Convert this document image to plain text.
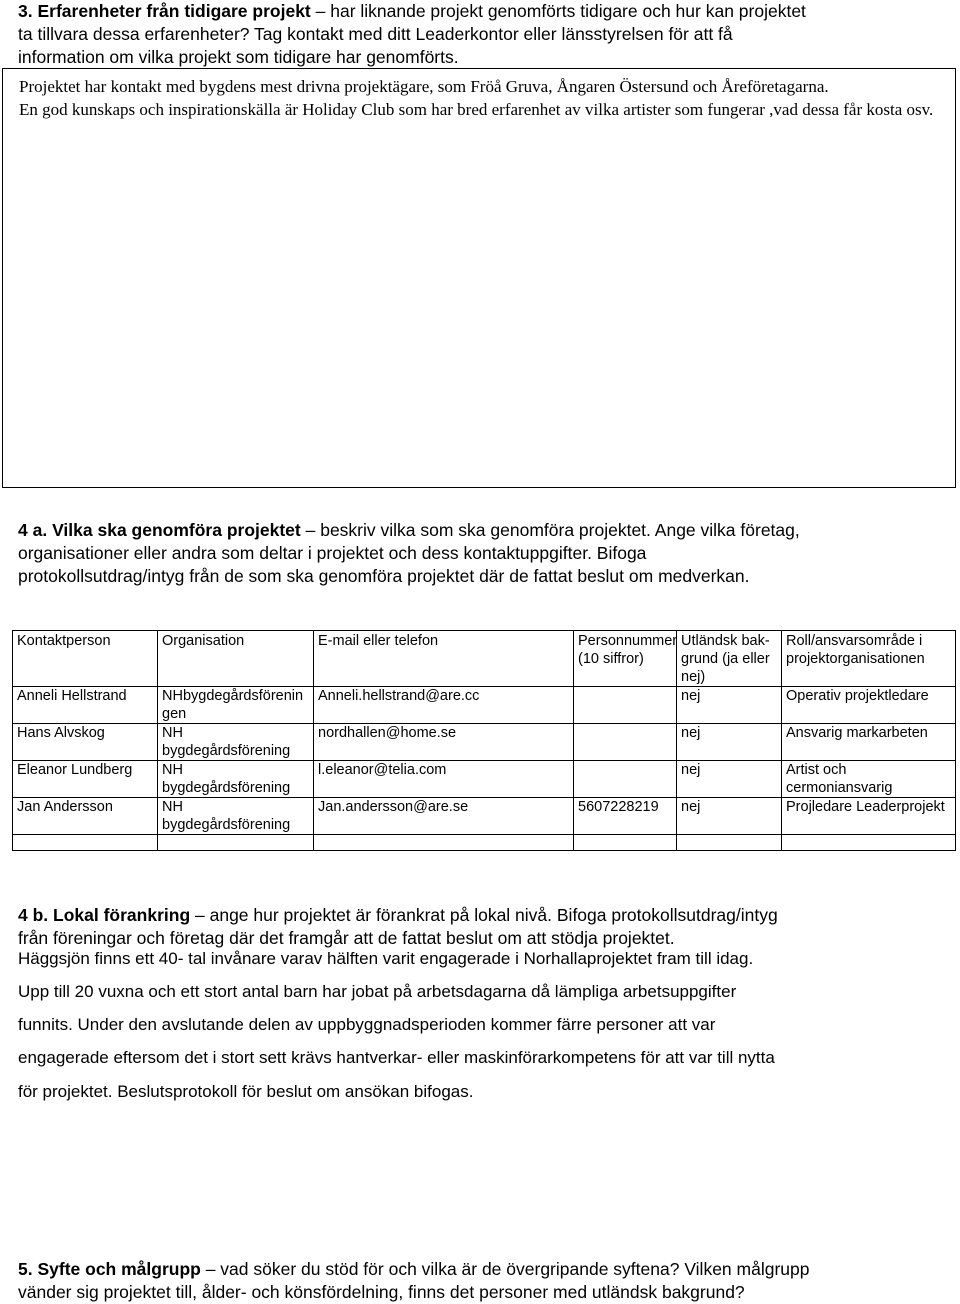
3. Erfarenheter från tidigare projekt – har liknande projekt genomförts tidigare och hur kan projektet
ta tillvara dessa erfarenheter? Tag kontakt med ditt Leaderkontor eller länsstyrelsen för att få
information om vilka projekt som tidigare har genomförts.
Projektet har kontakt med bygdens mest drivna projektägare, som Fröå Gruva, Ångaren Östersund och Åreföretagarna.
En god kunskaps och inspirationskälla är Holiday Club som har bred erfarenhet av vilka artister som fungerar ,vad dessa får kosta osv.
4 a. Vilka ska genomföra projektet – beskriv vilka som ska genomföra projektet. Ange vilka företag,
organisationer eller andra som deltar i projektet och dess kontaktuppgifter. Bifoga
protokollsutdrag/intyg från de som ska genomföra projektet där de fattat beslut om medverkan.
Kontaktperson	Organisation	E-mail eller telefon	Personnummer (10 siffror)	Utländsk bak-grund (ja eller nej)	Roll/ansvarsområde i projektorganisationen
Anneli Hellstrand	NHbygdegårdsföreningen	Anneli.hellstrand@are.cc		nej	Operativ projektledare
Hans Alvskog	NH bygdegårdsförening	nordhallen@home.se		nej	Ansvarig markarbeten
Eleanor Lundberg	NH bygdegårdsförening	l.eleanor@telia.com		nej	Artist och cermoniansvarig
Jan Andersson	NH bygdegårdsförening	Jan.andersson@are.se	5607228219	nej	Projledare Leaderprojekt

4 b. Lokal förankring – ange hur projektet är förankrat på lokal nivå. Bifoga protokollsutdrag/intyg
från föreningar och företag där det framgår att de fattat beslut om att stödja projektet.
Häggsjön finns ett 40- tal invånare varav hälften varit engagerade i Norhallaprojektet fram till idag.
Upp till 20 vuxna och ett stort antal barn har jobat på arbetsdagarna då lämpliga arbetsuppgifter
funnits. Under den avslutande delen av uppbyggnadsperioden kommer färre personer att var
engagerade eftersom det i stort sett krävs hantverkar- eller maskinförarkompetens för att var till nytta
för projektet. Beslutsprotokoll för beslut om ansökan bifogas.
5. Syfte och målgrupp – vad söker du stöd för och vilka är de övergripande syftena? Vilken målgrupp
vänder sig projektet till, ålder- och könsfördelning, finns det personer med utländsk bakgrund?
